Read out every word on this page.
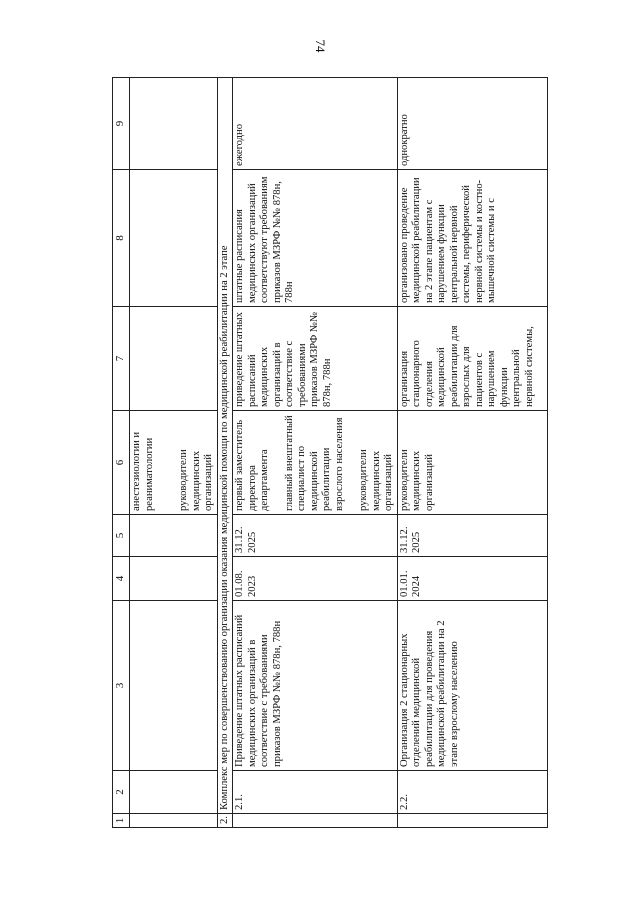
74
1	2	3	4	5	6	7	8	9

					анестезиологии и реаниматологии руководители медицинских организаций			

2.	Комплекс мер по совершенствованию организации оказания медицинской помощи по медицинской реабилитации на 2 этапе							
	2.1.	Приведение штатных расписаний медицинских организаций в соответствие с требованиями приказов МЗРФ №№ 878н, 788н	01.08. 2023	31.12. 2025	первый заместитель директора департамента главный внештатный специалист по медицинской реабилитации взрослого населения руководители медицинских организаций	приведение штатных расписаний медицинских организаций в соответствие с требованиями приказов МЗРФ №№ 878н, 788н	штатные расписания медицинских организаций соответствуют требованиям приказов МЗРФ №№ 878н, 788н	ежегодно
	2.2.	Организация 2 стационарных отделений медицинской реабилитации для проведения медицинской реабилитации на 2 этапе взрослому населению	01.01. 2024	31.12. 2025	руководители медицинских организаций	организация стационарного отделения медицинской реабилитации для взрослых для пациентов с нарушением функции центральной нервной системы,	организовано проведение медицинской реабилитации на 2 этапе пациентам с нарушением функции центральной нервной системы, периферической нервной системы и костно-мышечной системы и с	однократно
